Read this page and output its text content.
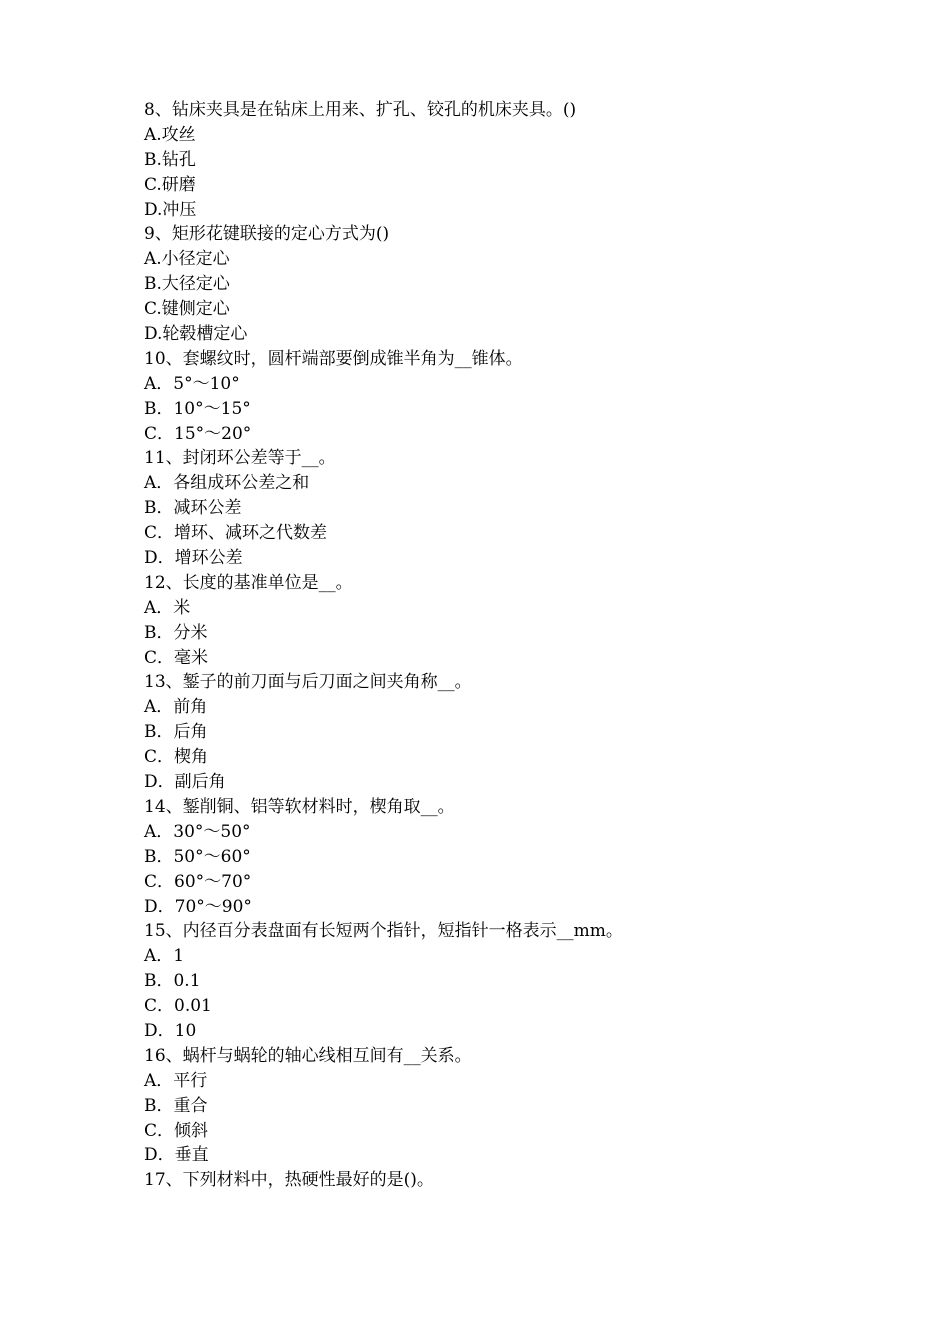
8、钻床夹具是在钻床上用来、扩孔、铰孔的机床夹具。()
A.攻丝
B.钻孔
C.研磨
D.冲压
9、矩形花键联接的定心方式为()
A.小径定心
B.大径定心
C.键侧定心
D.轮毂槽定心
10、套螺纹时，圆杆端部要倒成锥半角为__锥体。
A．5°～10°
B．10°～15°
C．15°～20°
11、封闭环公差等于__。
A．各组成环公差之和
B．减环公差
C．增环、减环之代数差
D．增环公差
12、长度的基准单位是__。
A．米
B．分米
C．毫米
13、錾子的前刀面与后刀面之间夹角称__。
A．前角
B．后角
C．楔角
D．副后角
14、錾削铜、铝等软材料时，楔角取__。
A．30°～50°
B．50°～60°
C．60°～70°
D．70°～90°
15、内径百分表盘面有长短两个指针，短指针一格表示__mm。
A．1
B．0.1
C．0.01
D．10
16、蜗杆与蜗轮的轴心线相互间有__关系。
A．平行
B．重合
C．倾斜
D．垂直
17、下列材料中，热硬性最好的是()。
